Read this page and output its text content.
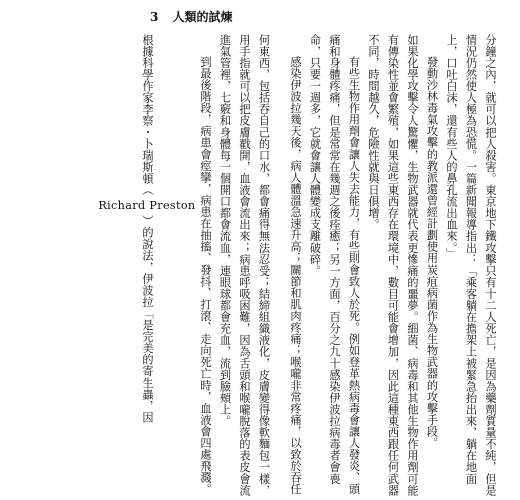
3 人類的試煉
分鐘之內，就可以把人殺害。東京地下鐵攻擊只有十二人死亡，是因為藥劑質量不純，但是
情況仍然使人極為恐慌。一篇新聞報導指出：「乘客躺在擔架上被緊急抬出來，躺在地面
上，口吐白沫，還有些人的鼻孔流出血來。」
發動沙林毒氣攻擊的教派還曾經計劃使用炭疽病菌作為生物武器的攻擊手段。
如果化學攻擊令人驚懼，生物武器就代表更慘痛的噩夢。細菌、病毒和其他生物作用劑可能
有傳染性並會繁殖，如果這些東西存在環境中，數目可能會增加，因此這種東西跟任何武器
不同，時間越久，危險性就與日俱增。
有些生物作用劑會讓人失去能力，有些則會致人於死。例如登革熱病毒會讓人發炎、頭
痛和身體疼痛，但是常常在幾週之後痊癒；另一方面，百分之九十感染伊波拉病毒者會喪
命，只要一週多，它就會讓人體變成支離破碎。
感染伊波拉幾天後，病人體溫急速升高；關節和肌肉疼痛；喉嚨非常疼痛，以致於吞任
何東西，包括吞自己的口水，都會痛得無法忍受；結締組織液化，皮膚變得像軟麵包一樣，
用手指就可以把皮膚戳開，血液會流出來；病患呼吸困難，因為舌頭和喉嚨脫落的表皮會流
進氣管裡，七竅和身體每一個開口都會流血，連眼球都會充血，流到臉頰上。
到最後階段，病患會痙攣，病患在抽搐、發抖、打滾、走向死亡時，血液會四處飛濺。
根據科學作家李察・卜瑞斯頓（Richard Preston）的說法，伊波拉「是完美的寄生蟲，因
